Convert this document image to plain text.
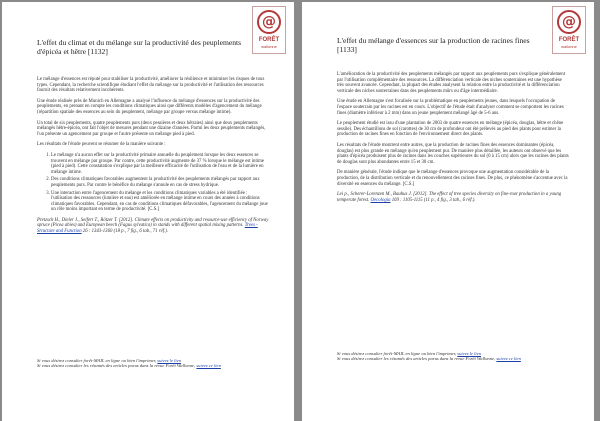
@
FORÊT
wallonne
L'effet du climat et du mélange sur la productivité des peuplements d'épicéa et hêtre [1132]

Le mélange d'essences est réputé pour stabiliser la productivité, améliorer la résilience et minimiser les risques de tous types. Cependant, la recherche scientifique étudiant l'effet du mélange sur la productivité et l'utilisation des ressources fournit des résultats relativement incohérents.

Une étude réalisée près de Munich en Allemagne a analysé l'influence du mélange d'essences sur la productivité des peuplements, en prenant en compte les conditions climatiques ainsi que différents modèles d'agencement du mélange (répartition spatiale des essences au sein du peuplement, mélange par groupe versus mélange intime).

Un total de six peuplements, quatre peuplements purs (deux pessières et deux hêtraies) ainsi que deux peuplements mélangés hêtre-épicéa, ont fait l'objet de mesures pendant une dizaine d'années. Parmi les deux peuplements mélangés, l'un présente un agencement par groupe et l'autre présente un mélange pied à pied.

Les résultats de l'étude peuvent se résumer de la manière suivante :

1. Le mélange n'a aucun effet sur la productivité primaire annuelle du peuplement lorsque les deux essences se trouvent en mélange par groupe. Par contre, cette productivité augmente de 37 % lorsque le mélange est intime (pied à pied). Cette constatation s'explique par la meilleure efficacité de l'utilisation de l'eau et de la lumière en mélange intime.
2. Des conditions climatiques favorables augmentent la productivité des peuplements mélangés par rapport aux peuplements purs. Par contre le bénéfice du mélange s'annule en cas de stress hydrique.
3. Une interaction entre l'agencement du mélange et les conditions climatiques variables a été identifiée : l'utilisation des ressources (lumière et eau) est améliorée en mélange intime en cours des années à conditions climatiques favorables. Cependant, en cas de conditions climatiques défavorables, l'agencement du mélange joue un rôle moins important en terme de productivité. [C.S.]

Pretzsch H., Dieler J., Seifert T., Rötzer T. [2012]. Climate effects on productivity and resource-use efficiency of Norway spruce (Picea abies) and European beech (Fagus sylvatica) in stands with different spatial mixing patterns. Trees - Structure and Function 26 : 1343-1360 (18 p., 7 fig., 6 tab., 71 réf.).

Si vous désirez consulter forêt-MAIL en ligne ou bien l'imprimer, suivez le lien

Si vous désirez consulter les résumés des articles parus dans la revue Forêt Wallonne, suivez ce lien

@
FORÊT
wallonne
L'effet du mélange d'essences sur la production de racines fines [1133]

L'amélioration de la productivité des peuplements mélangés par rapport aux peuplements purs s'explique généralement par l'utilisation complémentaire des ressources. La différenciation verticale des niches souterraines est une hypothèse très souvent avancée. Cependant, la plupart des études analysent la relation entre la productivité et la différenciation verticale des niches souterraines dans des peuplements mûrs ou d'âge intermédiaire.

Une étude en Allemagne s'est focalisée sur la problématique en peuplements jeunes, dans lesquels l'occupation de l'espace souterrain par les racines est en cours. L'objectif de l'étude était d'analyser comment se comportent les racines fines (diamètre inférieur à 2 mm) dans un jeune peuplement mélangé âgé de 5-6 ans.

Le peuplement étudié est issu d'une plantation de 2003 de quatre essences en mélange (épicéa, douglas, hêtre et chêne sessile). Des échantillons de sol (carottes) de 30 cm de profondeur ont été prélevés au pied des plants pour estimer la production de racines fines en fonction de l'environnement direct des plants.

Les résultats de l'étude montrent entre autres, que la production de racines fines des essences dominantes (épicéa, douglas) est plus grande en mélange qu'en peuplement pur. De manière plus détaillée, les auteurs ont observé que les plants d'épicéa produisent plus de racines dans les couches supérieures du sol (0 à 15 cm) alors que les racines des plants de douglas sont plus abondantes entre 15 et 30 cm.

De manière générale, l'étude indique que le mélange d'essences provoque une augmentation considérable de la production, de la distribution verticale et du renouvellement des racines fines. De plus, ce phénomène s'accentue avec la diversité en essences du mélange. [C.S.]

Lei p., Scherer-Lorenzen M., Bauhus J. [2012]. The effect of tree species diversity on fine-root production in a young temperate forest. Oecologia 169 : 1105-1115 (11 p., 4 fig., 3 tab., 6 réf.).

Si vous désirez consulter forêt-MAIL en ligne ou bien l'imprimer, suivez le lien

Si vous désirez consulter les résumés des articles parus dans la revue Forêt Wallonne, suivez ce lien
